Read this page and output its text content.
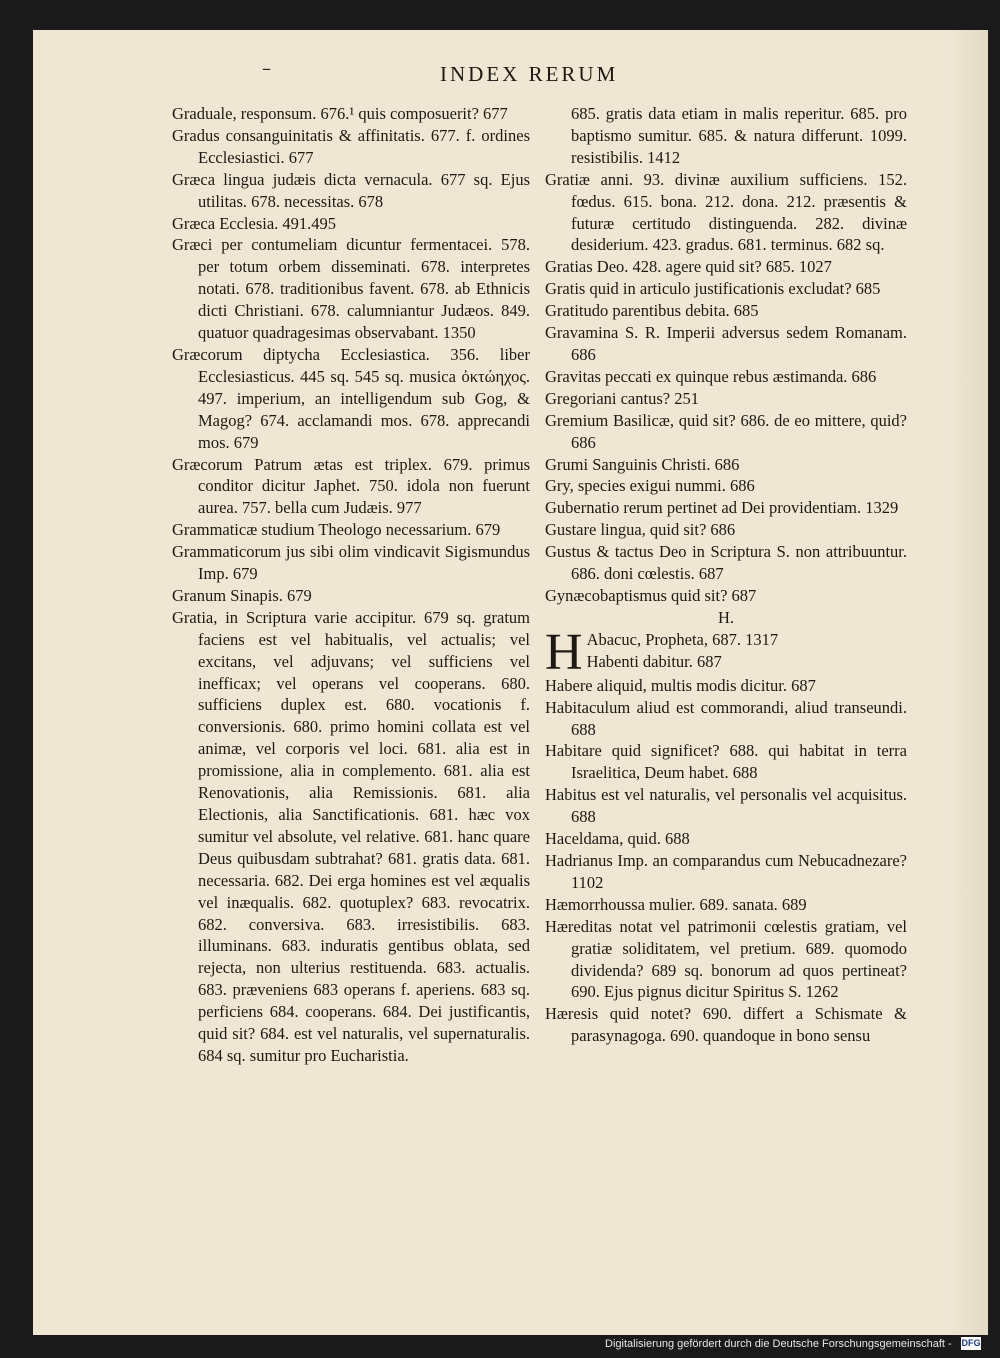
–	INDEX RERUM
Graduale, responsum. 676.¹ quis composuerit? 677
Gradus consanguinitatis & affinitatis. 677. f. ordines Ecclesiastici. 677
Græca lingua judæis dicta vernacula. 677 sq. Ejus utilitas. 678. necessitas. 678
Græca Ecclesia. 491.495
Græci per contumeliam dicuntur fermentacei. 578. per totum orbem disseminati. 678. interpretes notati. 678. traditionibus favent. 678. ab Ethnicis dicti Christiani. 678. calumniantur Judæos. 849. quatuor quadragesimas observabant. 1350
Græcorum diptycha Ecclesiastica. 356. liber Ecclesiasticus. 445 sq. 545 sq. musica ὀκτώηχος. 497. imperium, an intelligendum sub Gog, & Magog? 674. acclamandi mos. 678. apprecandi mos. 679
Græcorum Patrum ætas est triplex. 679. primus conditor dicitur Japhet. 750. idola non fuerunt aurea. 757. bella cum Judæis. 977
Grammaticæ studium Theologo necessarium. 679
Grammaticorum jus sibi olim vindicavit Sigismundus Imp. 679
Granum Sinapis. 679
Gratia, in Scriptura varie accipitur. 679 sq. gratum faciens est vel habitualis, vel actualis; vel excitans, vel adjuvans; vel sufficiens vel inefficax; vel operans vel cooperans. 680. sufficiens duplex est. 680. vocationis f. conversionis. 680. primo homini collata est vel animæ, vel corporis vel loci. 681. alia est in promissione, alia in complemento. 681. alia est Renovationis, alia Remissionis. 681. alia Electionis, alia Sanctificationis. 681. hæc vox sumitur vel absolute, vel relative. 681. hanc quare Deus quibusdam subtrahat? 681. gratis data. 681. necessaria. 682. Dei erga homines est vel æqualis vel inæqualis. 682. quotuplex? 683. revocatrix. 682. conversiva. 683. irresistibilis. 683. illuminans. 683. induratis gentibus oblata, sed rejecta, non ulterius restituenda. 683. actualis. 683. præveniens 683 operans f. aperiens. 683 sq. perficiens 684. cooperans. 684. Dei justificantis, quid sit? 684. est vel naturalis, vel supernaturalis. 684 sq. sumitur pro Eucharistia.
685. gratis data etiam in malis reperitur. 685. pro baptismo sumitur. 685. & natura differunt. 1099. resistibilis. 1412
Gratiæ anni. 93. divinæ auxilium sufficiens. 152. fœdus. 615. bona. 212. dona. 212. præsentis & futuræ certitudo distinguenda. 282. divinæ desiderium. 423. gradus. 681. terminus. 682 sq.
Gratias Deo. 428. agere quid sit? 685. 1027
Gratis quid in articulo justificationis excludat? 685
Gratitudo parentibus debita. 685
Gravamina S. R. Imperii adversus sedem Romanam. 686
Gravitas peccati ex quinque rebus æstimanda. 686
Gregoriani cantus? 251
Gremium Basilicæ, quid sit? 686. de eo mittere, quid? 686
Grumi Sanguinis Christi. 686
Gry, species exigui nummi. 686
Gubernatio rerum pertinet ad Dei providentiam. 1329
Gustare lingua, quid sit? 686
Gustus & tactus Deo in Scriptura S. non attribuuntur. 686. doni cœlestis. 687
Gynæcobaptismus quid sit? 687
H.
H Abacuc, Propheta, 687. 1317
Habenti dabitur. 687
Habere aliquid, multis modis dicitur. 687
Habitaculum aliud est commorandi, aliud transeundi. 688
Habitare quid significet? 688. qui habitat in terra Israelitica, Deum habet. 688
Habitus est vel naturalis, vel personalis vel acquisitus. 688
Haceldama, quid. 688
Hadrianus Imp. an comparandus cum Nebucadnezare? 1102
Hæmorrhoussa mulier. 689. sanata. 689
Hæreditas notat vel patrimonii cœlestis gratiam, vel gratiæ soliditatem, vel pretium. 689. quomodo dividenda? 689 sq. bonorum ad quos pertineat? 690. Ejus pignus dicitur Spiritus S. 1262
Hæresis quid notet? 690. differt a Schismate & parasynagoga. 690. quandoque in bono sensu
Digitalisierung gefördert durch die Deutsche Forschungsgemeinschaft - DFG
